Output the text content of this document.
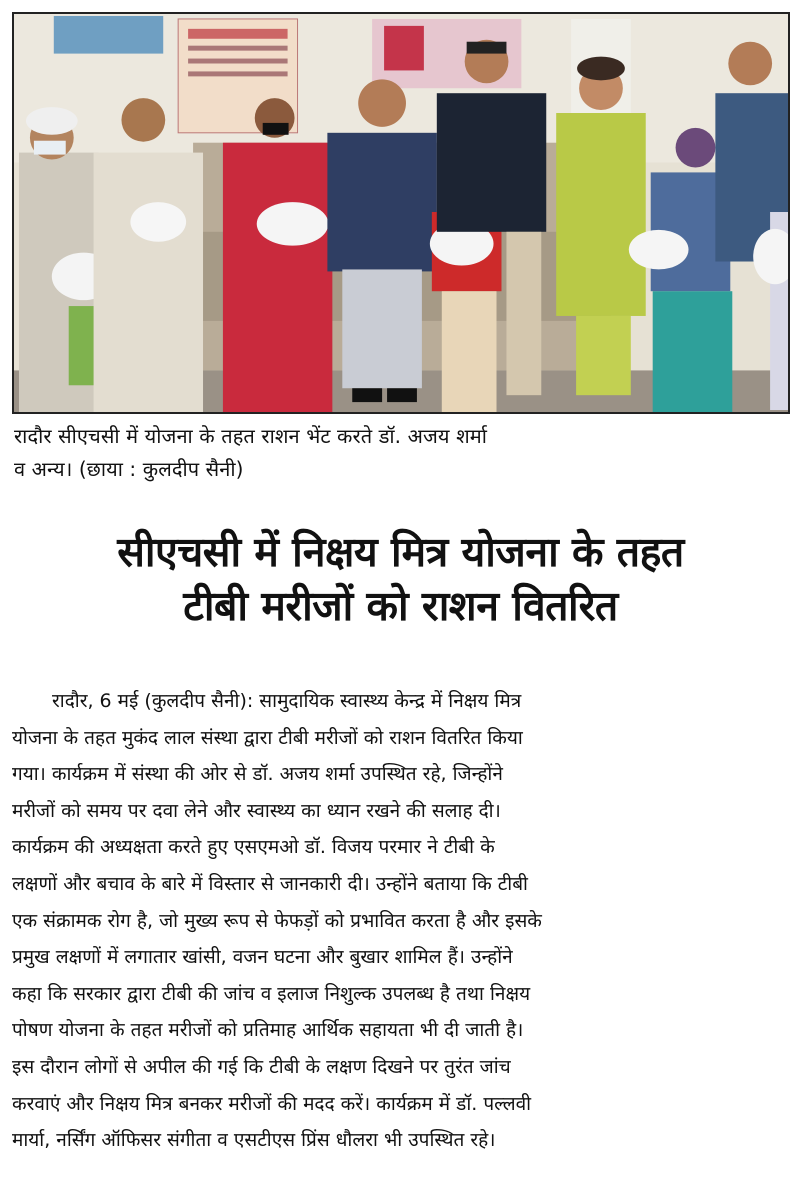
रादौर सीएचसी में योजना के तहत राशन भेंट करते डॉ. अजय शर्मा
व अन्य। (छाया : कुलदीप सैनी)
सीएचसी में निक्षय मित्र योजना के तहत
टीबी मरीजों को राशन वितरित
रादौर, 6 मई (कुलदीप सैनी): सामुदायिक स्वास्थ्य केन्द्र में निक्षय मित्र
योजना के तहत मुकंद लाल संस्था द्वारा टीबी मरीजों को राशन वितरित किया
गया। कार्यक्रम में संस्था की ओर से डॉ. अजय शर्मा उपस्थित रहे, जिन्होंने
मरीजों को समय पर दवा लेने और स्वास्थ्य का ध्यान रखने की सलाह दी।
कार्यक्रम की अध्यक्षता करते हुए एसएमओ डॉ. विजय परमार ने टीबी के
लक्षणों और बचाव के बारे में विस्तार से जानकारी दी। उन्होंने बताया कि टीबी
एक संक्रामक रोग है, जो मुख्य रूप से फेफड़ों को प्रभावित करता है और इसके
प्रमुख लक्षणों में लगातार खांसी, वजन घटना और बुखार शामिल हैं। उन्होंने
कहा कि सरकार द्वारा टीबी की जांच व इलाज निशुल्क उपलब्ध है तथा निक्षय
पोषण योजना के तहत मरीजों को प्रतिमाह आर्थिक सहायता भी दी जाती है।
इस दौरान लोगों से अपील की गई कि टीबी के लक्षण दिखने पर तुरंत जांच
करवाएं और निक्षय मित्र बनकर मरीजों की मदद करें। कार्यक्रम में डॉ. पल्लवी
मार्या, नर्सिंग ऑफिसर संगीता व एसटीएस प्रिंस धौलरा भी उपस्थित रहे।
